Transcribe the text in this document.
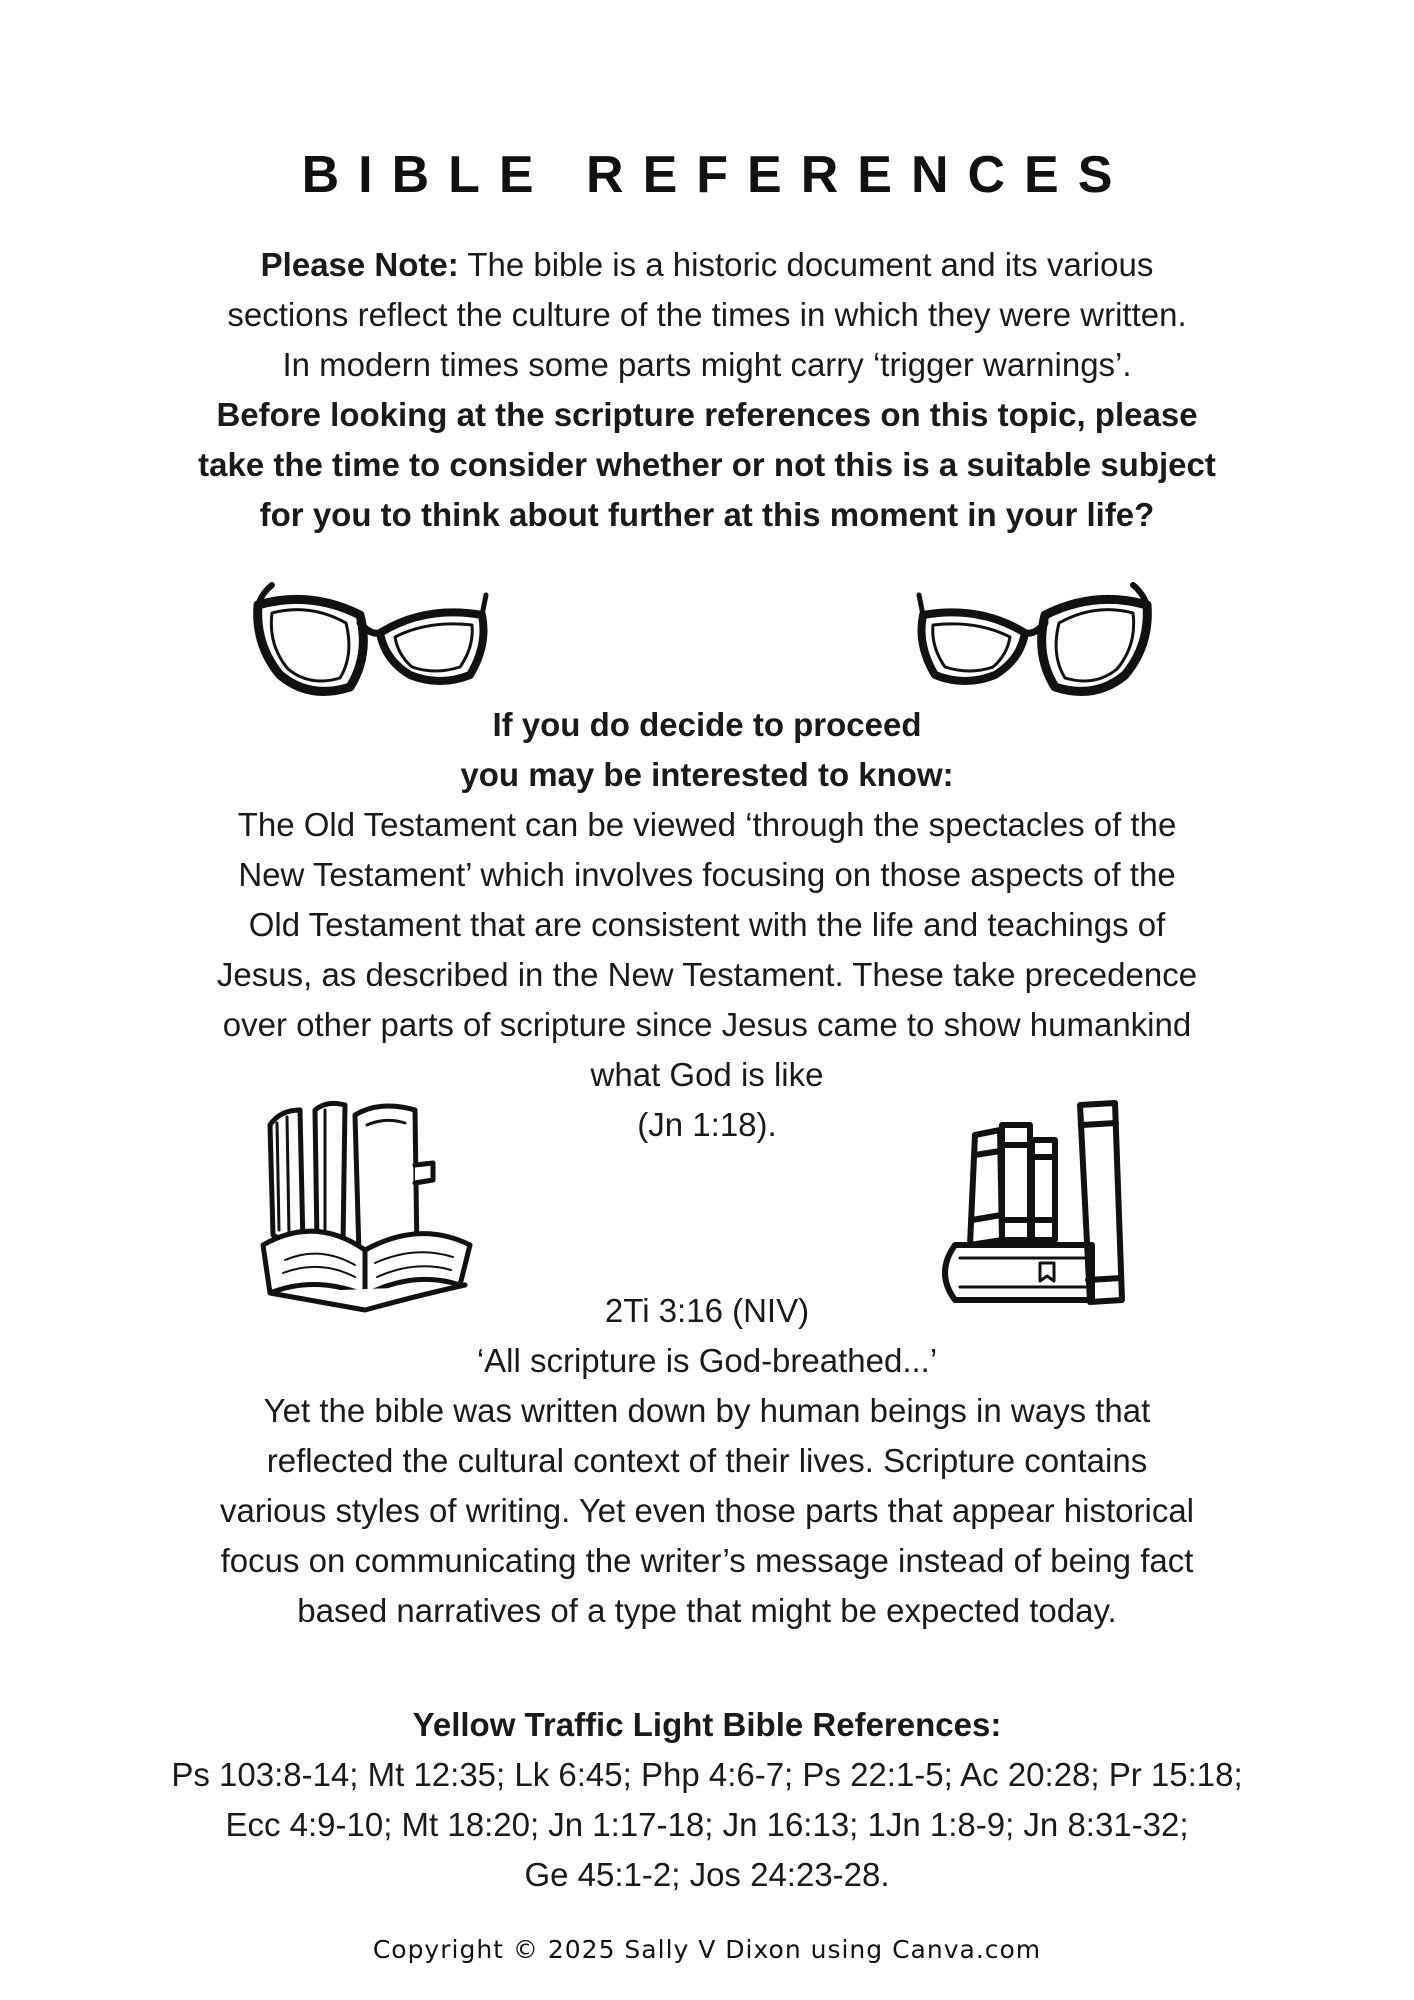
BIBLE REFERENCES
Please Note: The bible is a historic document and its various
sections reflect the culture of the times in which they were written.
In modern times some parts might carry ‘trigger warnings’.
Before looking at the scripture references on this topic, please
take the time to consider whether or not this is a suitable subject
for you to think about further at this moment in your life?
If you do decide to proceed
you may be interested to know:
The Old Testament can be viewed ‘through the spectacles of the
New Testament’ which involves focusing on those aspects of the
Old Testament that are consistent with the life and teachings of
Jesus, as described in the New Testament. These take precedence
over other parts of scripture since Jesus came to show humankind
what God is like
(Jn 1:18).
2Ti 3:16 (NIV)
‘All scripture is God-breathed...’
Yet the bible was written down by human beings in ways that
reflected the cultural context of their lives. Scripture contains
various styles of writing. Yet even those parts that appear historical
focus on communicating the writer’s message instead of being fact
based narratives of a type that might be expected today.
Yellow Traffic Light Bible References:
Ps 103:8-14; Mt 12:35; Lk 6:45; Php 4:6-7; Ps 22:1-5; Ac 20:28; Pr 15:18;
Ecc 4:9-10; Mt 18:20; Jn 1:17-18; Jn 16:13; 1Jn 1:8-9; Jn 8:31-32;
Ge 45:1-2; Jos 24:23-28.
Copyright © 2025 Sally V Dixon using Canva.com
